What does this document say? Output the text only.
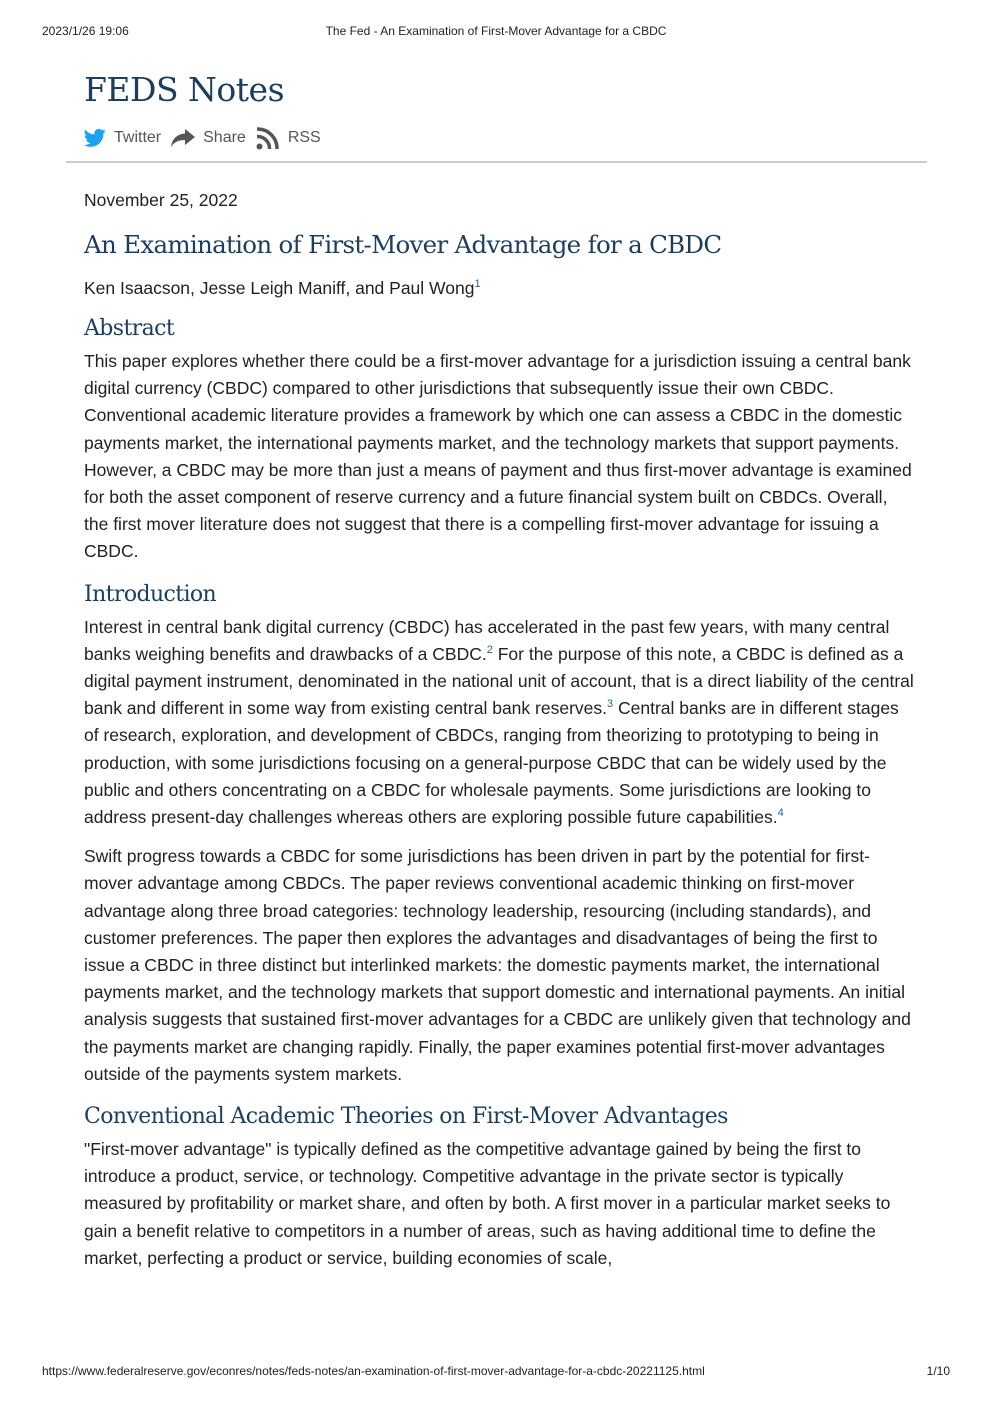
2023/1/26 19:06	The Fed - An Examination of First-Mover Advantage for a CBDC
FEDS Notes
Twitter	Share	RSS

November 25, 2022

An Examination of First-Mover Advantage for a CBDC

Ken Isaacson, Jesse Leigh Maniff, and Paul Wong$^1$

Abstract

This paper explores whether there could be a first-mover advantage for a jurisdiction issuing a central bank digital currency (CBDC) compared to other jurisdictions that subsequently issue their own CBDC. Conventional academic literature provides a framework by which one can assess a CBDC in the domestic payments market, the international payments market, and the technology markets that support payments. However, a CBDC may be more than just a means of payment and thus first-mover advantage is examined for both the asset component of reserve currency and a future financial system built on CBDCs. Overall, the first mover literature does not suggest that there is a compelling first-mover advantage for issuing a CBDC.

Introduction

Interest in central bank digital currency (CBDC) has accelerated in the past few years, with many central banks weighing benefits and drawbacks of a CBDC.$^2$ For the purpose of this note, a CBDC is defined as a digital payment instrument, denominated in the national unit of account, that is a direct liability of the central bank and different in some way from existing central bank reserves.$^3$ Central banks are in different stages of research, exploration, and development of CBDCs, ranging from theorizing to prototyping to being in production, with some jurisdictions focusing on a general-purpose CBDC that can be widely used by the public and others concentrating on a CBDC for wholesale payments. Some jurisdictions are looking to address present-day challenges whereas others are exploring possible future capabilities.$^4$

Swift progress towards a CBDC for some jurisdictions has been driven in part by the potential for first-mover advantage among CBDCs. The paper reviews conventional academic thinking on first-mover advantage along three broad categories: technology leadership, resourcing (including standards), and customer preferences. The paper then explores the advantages and disadvantages of being the first to issue a CBDC in three distinct but interlinked markets: the domestic payments market, the international payments market, and the technology markets that support domestic and international payments. An initial analysis suggests that sustained first-mover advantages for a CBDC are unlikely given that technology and the payments market are changing rapidly. Finally, the paper examines potential first-mover advantages outside of the payments system markets.

Conventional Academic Theories on First-Mover Advantages

"First-mover advantage" is typically defined as the competitive advantage gained by being the first to introduce a product, service, or technology. Competitive advantage in the private sector is typically measured by profitability or market share, and often by both. A first mover in a particular market seeks to gain a benefit relative to competitors in a number of areas, such as having additional time to define the market, perfecting a product or service, building economies of scale,

https://www.federalreserve.gov/econres/notes/feds-notes/an-examination-of-first-mover-advantage-for-a-cbdc-20221125.html	1/10
